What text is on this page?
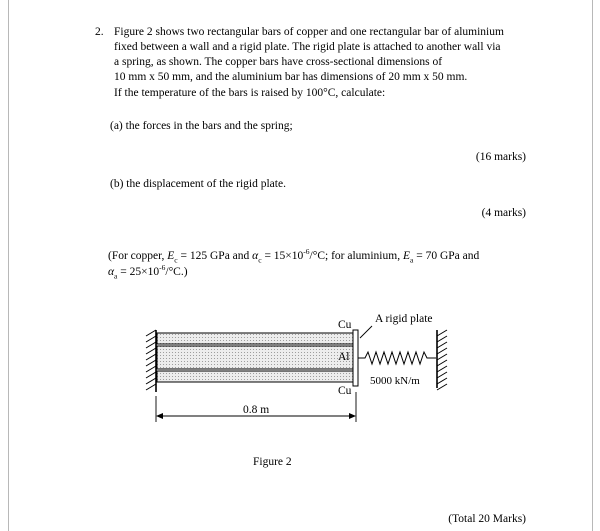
2. Figure 2 shows two rectangular bars of copper and one rectangular bar of aluminium
fixed between a wall and a rigid plate. The rigid plate is attached to another wall via
a spring, as shown. The copper bars have cross-sectional dimensions of
10 mm x 50 mm, and the aluminium bar has dimensions of 20 mm x 50 mm.
If the temperature of the bars is raised by 100°C, calculate:
(a) the forces in the bars and the spring;
(16 marks)
(b) the displacement of the rigid plate.
(4 marks)
(For copper, $E_c = 125$ GPa and $\alpha_c = 15\times 10^{-6}/^\circ C$; for aluminium, $E_a = 70$ GPa and
$\alpha_a = 25\times 10^{-6}/^\circ C$.)
Cu
Al
Cu
A rigid plate
5000 kN/m
0.8 m
Figure 2
(Total 20 Marks)
